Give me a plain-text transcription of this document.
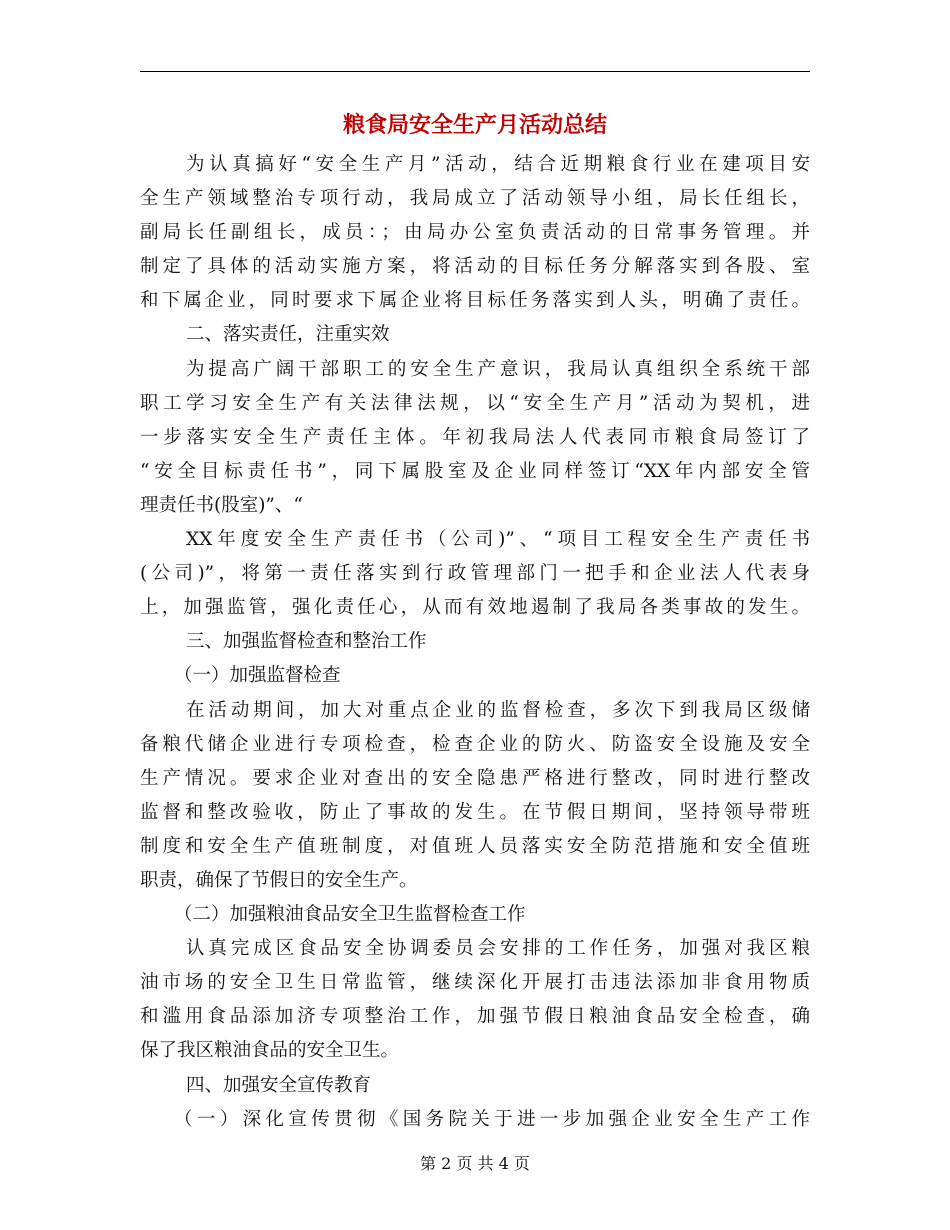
粮食局安全生产月活动总结
为认真搞好“安全生产月”活动，结合近期粮食行业在建项目安
全生产领域整治专项行动，我局成立了活动领导小组，局长任组长，
副局长任副组长，成员：；由局办公室负责活动的日常事务管理。并
制定了具体的活动实施方案，将活动的目标任务分解落实到各股、室
和下属企业，同时要求下属企业将目标任务落实到人头，明确了责任。
二、落实责任，注重实效
为提高广阔干部职工的安全生产意识，我局认真组织全系统干部
职工学习安全生产有关法律法规，以“安全生产月”活动为契机，进
一步落实安全生产责任主体。年初我局法人代表同市粮食局签订了
“安全目标责任书”，同下属股室及企业同样签订“XX年内部安全管
理责任书(股室)”、“
XX年度安全生产责任书（公司)”、“项目工程安全生产责任书
(公司)”，将第一责任落实到行政管理部门一把手和企业法人代表身
上，加强监管，强化责任心，从而有效地遏制了我局各类事故的发生。
三、加强监督检查和整治工作
（一）加强监督检查
在活动期间，加大对重点企业的监督检查，多次下到我局区级储
备粮代储企业进行专项检查，检查企业的防火、防盗安全设施及安全
生产情况。要求企业对查出的安全隐患严格进行整改，同时进行整改
监督和整改验收，防止了事故的发生。在节假日期间，坚持领导带班
制度和安全生产值班制度，对值班人员落实安全防范措施和安全值班
职责，确保了节假日的安全生产。
（二）加强粮油食品安全卫生监督检查工作
认真完成区食品安全协调委员会安排的工作任务，加强对我区粮
油市场的安全卫生日常监管，继续深化开展打击违法添加非食用物质
和滥用食品添加济专项整治工作，加强节假日粮油食品安全检查，确
保了我区粮油食品的安全卫生。
四、加强安全宣传教育
（一）深化宣传贯彻《国务院关于进一步加强企业安全生产工作
第 2 页 共 4 页
